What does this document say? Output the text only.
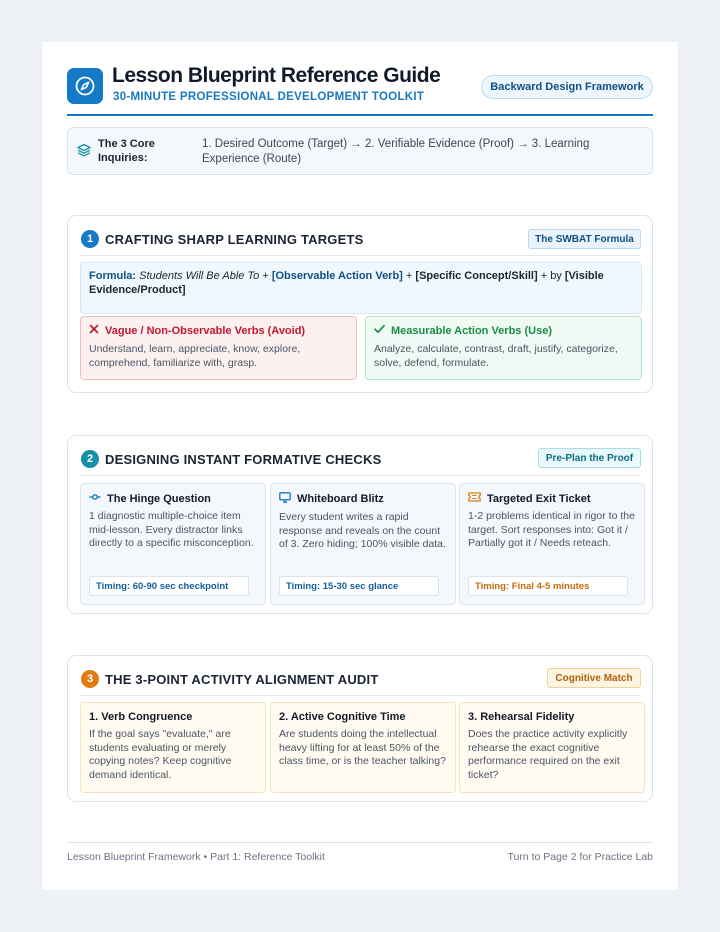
Lesson Blueprint Reference Guide
30-MINUTE PROFESSIONAL DEVELOPMENT TOOLKIT
Backward Design Framework
The 3 Core Inquiries:
1. Desired Outcome (Target) → 2. Verifiable Evidence (Proof) → 3. Learning Experience (Route)
1 CRAFTING SHARP LEARNING TARGETS	The SWBAT Formula
Formula: Students Will Be Able To + [Observable Action Verb] + [Specific Concept/Skill] + by [Visible Evidence/Product]
Vague / Non-Observable Verbs (Avoid)
Understand, learn, appreciate, know, explore, comprehend, familiarize with, grasp.
Measurable Action Verbs (Use)
Analyze, calculate, contrast, draft, justify, categorize, solve, defend, formulate.
2 DESIGNING INSTANT FORMATIVE CHECKS	Pre-Plan the Proof
The Hinge Question
1 diagnostic multiple-choice item mid-lesson. Every distractor links directly to a specific misconception.
Timing: 60-90 sec checkpoint
Whiteboard Blitz
Every student writes a rapid response and reveals on the count of 3. Zero hiding; 100% visible data.
Timing: 15-30 sec glance
Targeted Exit Ticket
1-2 problems identical in rigor to the target. Sort responses into: Got it / Partially got it / Needs reteach.
Timing: Final 4-5 minutes
3 THE 3-POINT ACTIVITY ALIGNMENT AUDIT	Cognitive Match
1. Verb Congruence
If the goal says "evaluate," are students evaluating or merely copying notes? Keep cognitive demand identical.
2. Active Cognitive Time
Are students doing the intellectual heavy lifting for at least 50% of the class time, or is the teacher talking?
3. Rehearsal Fidelity
Does the practice activity explicitly rehearse the exact cognitive performance required on the exit ticket?
Lesson Blueprint Framework • Part 1: Reference Toolkit	Turn to Page 2 for Practice Lab
